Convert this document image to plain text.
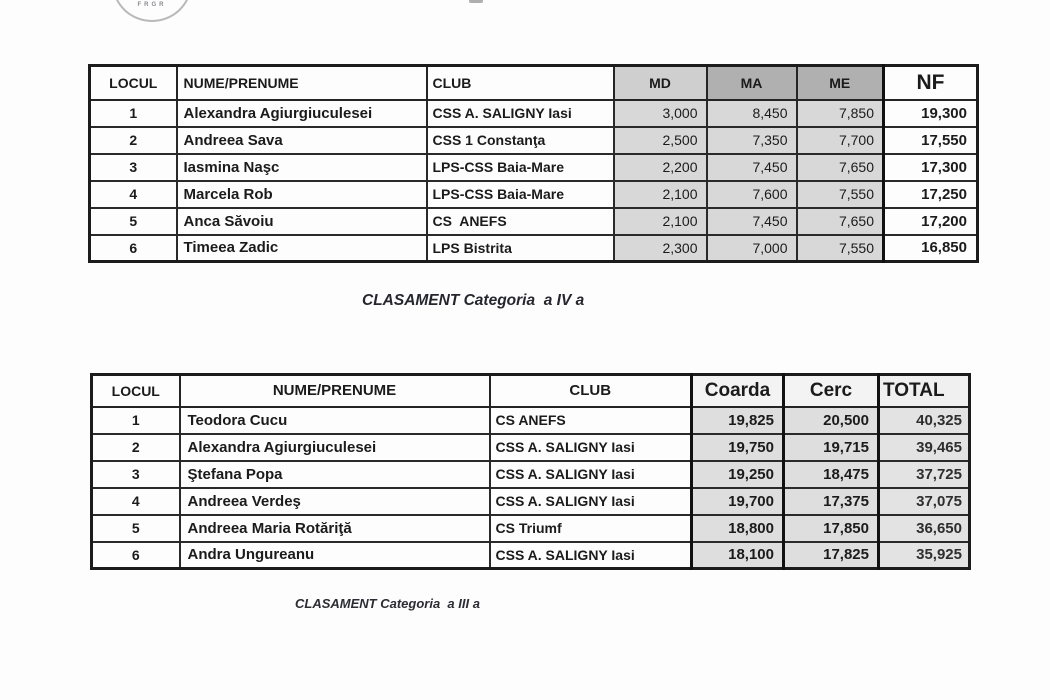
FRGR
LOCUL	NUME/PRENUME	CLUB	MD	MA	ME	NF
1	Alexandra Agiurgiuculesei	CSS A. SALIGNY Iasi	3,000	8,450	7,850	19,300
2	Andreea Sava	CSS 1 Constanţa	2,500	7,350	7,700	17,550
3	Iasmina Naşc	LPS-CSS Baia-Mare	2,200	7,450	7,650	17,300
4	Marcela Rob	LPS-CSS Baia-Mare	2,100	7,600	7,550	17,250
5	Anca Săvoiu	CS  ANEFS	2,100	7,450	7,650	17,200
6	Timeea Zadic	LPS Bistrita	2,300	7,000	7,550	16,850
CLASAMENT Categoria  a IV a
LOCUL	NUME/PRENUME	CLUB	Coarda	Cerc	TOTAL
1	Teodora Cucu	CS ANEFS	19,825	20,500	40,325
2	Alexandra Agiurgiuculesei	CSS A. SALIGNY Iasi	19,750	19,715	39,465
3	Ştefana Popa	CSS A. SALIGNY Iasi	19,250	18,475	37,725
4	Andreea Verdeş	CSS A. SALIGNY Iasi	19,700	17,375	37,075
5	Andreea Maria Rotăriţă	CS Triumf	18,800	17,850	36,650
6	Andra Ungureanu	CSS A. SALIGNY Iasi	18,100	17,825	35,925
CLASAMENT Categoria  a III a
